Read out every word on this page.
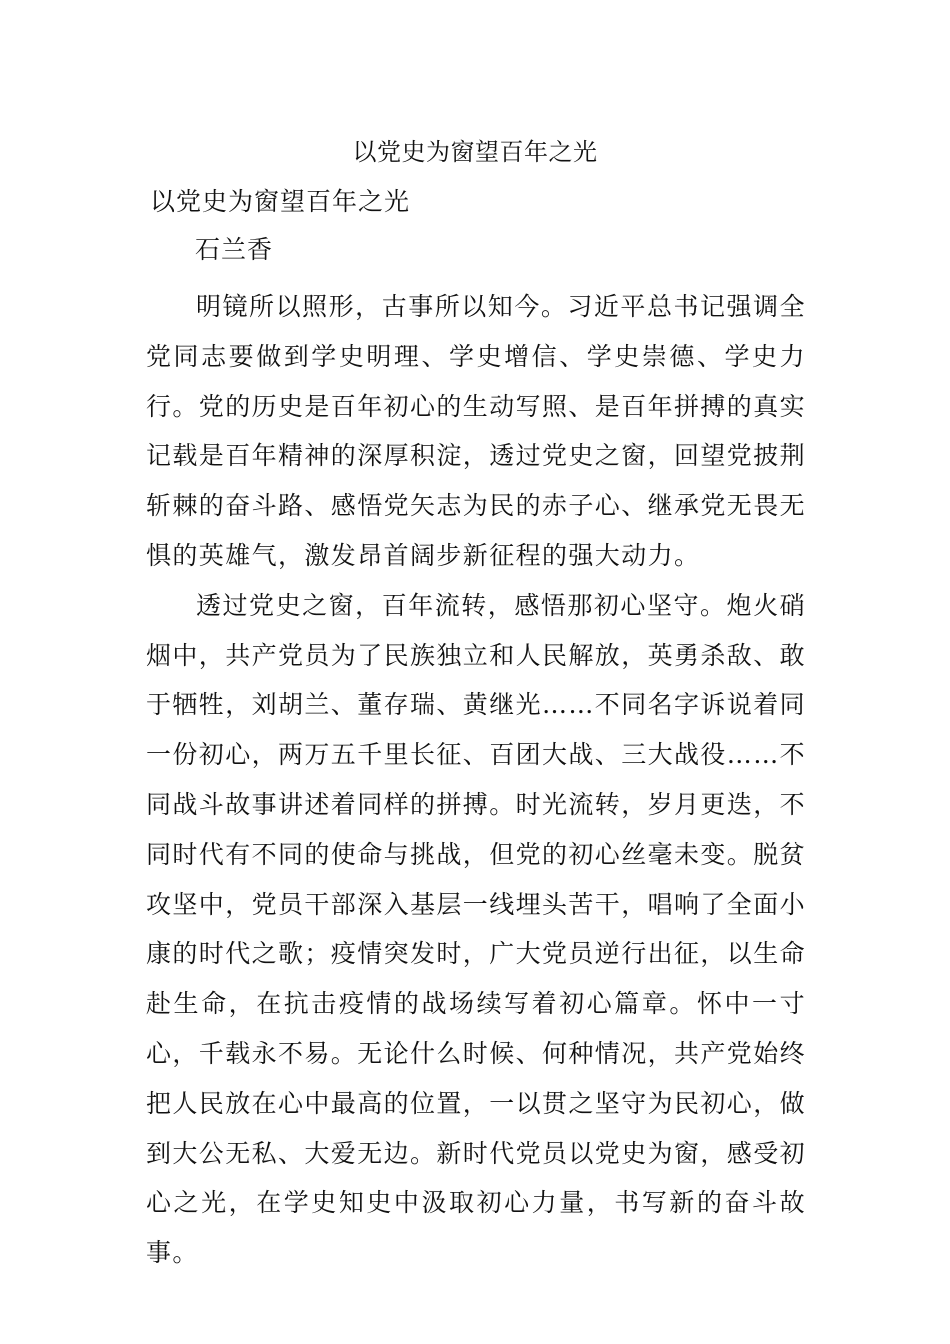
以党史为窗望百年之光
以党史为窗望百年之光
石兰香

明镜所以照形，古事所以知今。习近平总书记强调全党同志要做到学史明理、学史增信、学史崇德、学史力行。党的历史是百年初心的生动写照、是百年拼搏的真实记载是百年精神的深厚积淀，透过党史之窗，回望党披荆斩棘的奋斗路、感悟党矢志为民的赤子心、继承党无畏无惧的英雄气，激发昂首阔步新征程的强大动力。

透过党史之窗，百年流转，感悟那初心坚守。炮火硝烟中，共产党员为了民族独立和人民解放，英勇杀敌、敢于牺牲，刘胡兰、董存瑞、黄继光……不同名字诉说着同一份初心，两万五千里长征、百团大战、三大战役……不同战斗故事讲述着同样的拼搏。时光流转，岁月更迭，不同时代有不同的使命与挑战，但党的初心丝毫未变。脱贫攻坚中，党员干部深入基层一线埋头苦干，唱响了全面小康的时代之歌；疫情突发时，广大党员逆行出征，以生命赴生命，在抗击疫情的战场续写着初心篇章。怀中一寸心，千载永不易。无论什么时候、何种情况，共产党始终把人民放在心中最高的位置，一以贯之坚守为民初心，做到大公无私、大爱无边。新时代党员以党史为窗，感受初心之光，在学史知史中汲取初心力量，书写新的奋斗故事。
